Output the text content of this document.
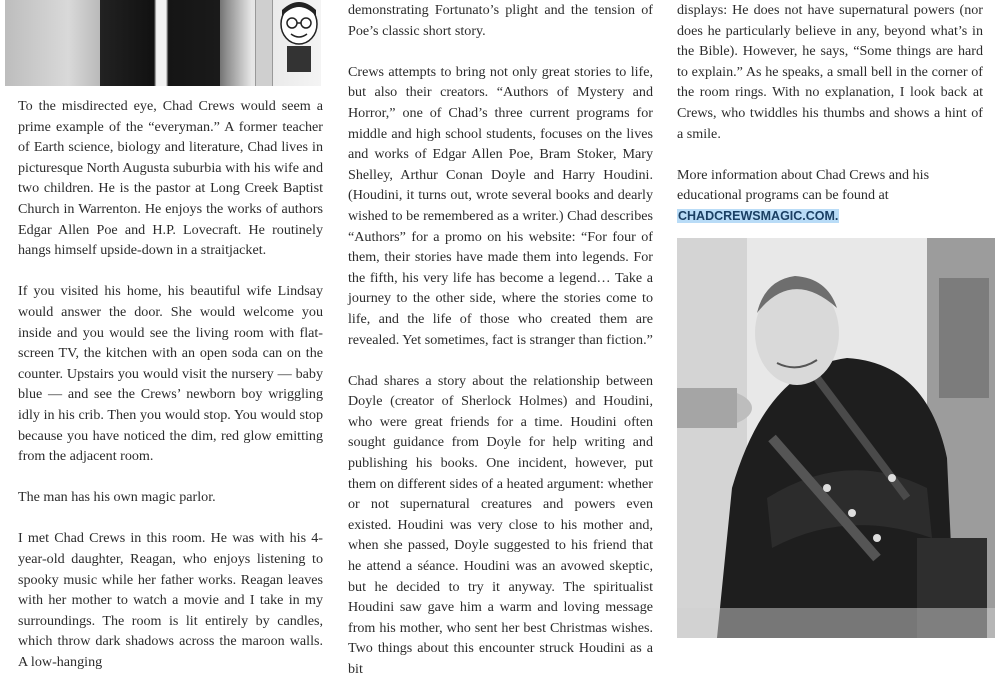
To the misdirected eye, Chad Crews would seem a prime example of the “everyman.” A former teacher of Earth science, biology and literature, Chad lives in picturesque North Augusta suburbia with his wife and two children. He is the pastor at Long Creek Baptist Church in Warrenton. He enjoys the works of authors Edgar Allen Poe and H.P. Lovecraft. He routinely hangs himself upside-down in a straitjacket.

If you visited his home, his beautiful wife Lindsay would answer the door. She would welcome you inside and you would see the living room with flat-screen TV, the kitchen with an open soda can on the counter. Upstairs you would visit the nursery — baby blue — and see the Crews’ newborn boy wriggling idly in his crib. Then you would stop. You would stop because you have noticed the dim, red glow emitting from the adjacent room.

The man has his own magic parlor.

I met Chad Crews in this room. He was with his 4-year-old daughter, Reagan, who enjoys listening to spooky music while her father works. Reagan leaves with her mother to watch a movie and I take in my surroundings. The room is lit entirely by candles, which throw dark shadows across the maroon walls. A low-hanging

demonstrating Fortunato’s plight and the tension of Poe’s classic short story.

Crews attempts to bring not only great stories to life, but also their creators. “Authors of Mystery and Horror,” one of Chad’s three current programs for middle and high school students, focuses on the lives and works of Edgar Allen Poe, Bram Stoker, Mary Shelley, Arthur Conan Doyle and Harry Houdini. (Houdini, it turns out, wrote several books and dearly wished to be remembered as a writer.) Chad describes “Authors” for a promo on his website: “For four of them, their stories have made them into legends. For the fifth, his very life has become a legend… Take a journey to the other side, where the stories come to life, and the life of those who created them are revealed. Yet sometimes, fact is stranger than fiction.”

Chad shares a story about the relationship between Doyle (creator of Sherlock Holmes) and Houdini, who were great friends for a time. Houdini often sought guidance from Doyle for help writing and publishing his books. One incident, however, put them on different sides of a heated argument: whether or not supernatural creatures and powers even existed. Houdini was very close to his mother and, when she passed, Doyle suggested to his friend that he attend a séance. Houdini was an avowed skeptic, but he decided to try it anyway. The spiritualist Houdini saw gave him a warm and loving message from his mother, who sent her best Christmas wishes. Two things about this encounter struck Houdini as a bit

displays: He does not have supernatural powers (nor does he particularly believe in any, beyond what’s in the Bible). However, he says, “Some things are hard to explain.” As he speaks, a small bell in the corner of the room rings. With no explanation, I look back at Crews, who twiddles his thumbs and shows a hint of a smile.

More information about Chad Crews and his educational programs can be found at CHADCREWSMAGIC.COM.
